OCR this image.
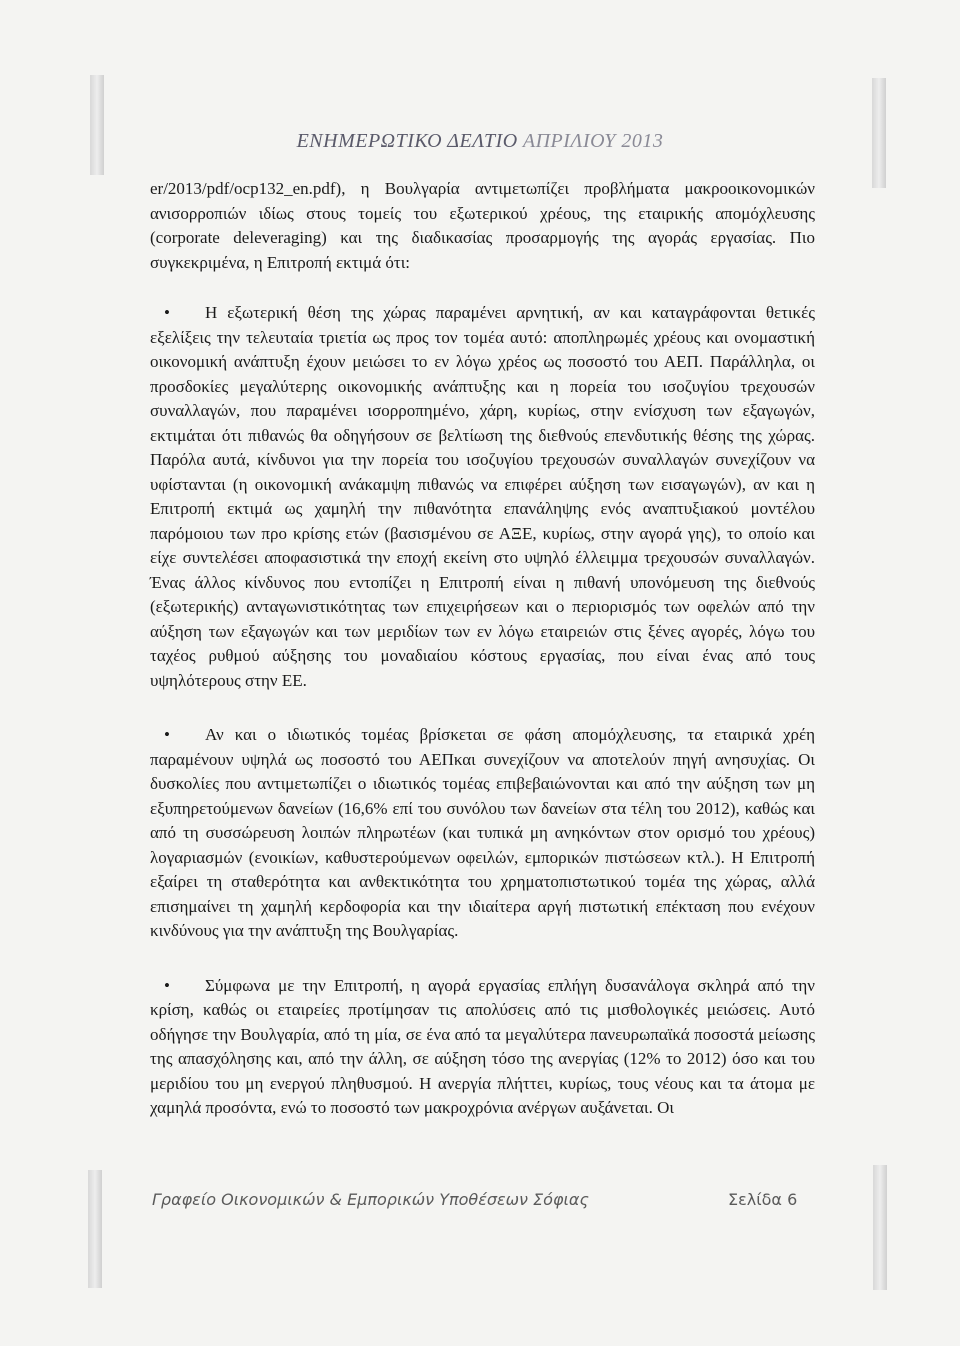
ΕΝΗΜΕΡΩΤΙΚΟ ΔΕΛΤΙΟ ΑΠΡΙΛΙΟΥ 2013

er/2013/pdf/ocp132_en.pdf), η Βουλγαρία αντιμετωπίζει προβλήματα μακροοικονομικών ανισορροπιών ιδίως στους τομείς του εξωτερικού χρέους, της εταιρικής απομόχλευσης (corporate deleveraging) και της διαδικασίας προσαρμογής της αγοράς εργασίας. Πιο συγκεκριμένα, η Επιτροπή εκτιμά ότι:

• Η εξωτερική θέση της χώρας παραμένει αρνητική, αν και καταγράφονται θετικές εξελίξεις την τελευταία τριετία ως προς τον τομέα αυτό: αποπληρωμές χρέους και ονομαστική οικονομική ανάπτυξη έχουν μειώσει το εν λόγω χρέος ως ποσοστό του ΑΕΠ. Παράλληλα, οι προσδοκίες μεγαλύτερης οικονομικής ανάπτυξης και η πορεία του ισοζυγίου τρεχουσών συναλλαγών, που παραμένει ισορροπημένο, χάρη, κυρίως, στην ενίσχυση των εξαγωγών, εκτιμάται ότι πιθανώς θα οδηγήσουν σε βελτίωση της διεθνούς επενδυτικής θέσης της χώρας. Παρόλα αυτά, κίνδυνοι για την πορεία του ισοζυγίου τρεχουσών συναλλαγών συνεχίζουν να υφίστανται (η οικονομική ανάκαμψη πιθανώς να επιφέρει αύξηση των εισαγωγών), αν και η Επιτροπή εκτιμά ως χαμηλή την πιθανότητα επανάληψης ενός αναπτυξιακού μοντέλου παρόμοιου των προ κρίσης ετών (βασισμένου σε ΑΞΕ, κυρίως, στην αγορά γης), το οποίο και είχε συντελέσει αποφασιστικά την εποχή εκείνη στο υψηλό έλλειμμα τρεχουσών συναλλαγών. Ένας άλλος κίνδυνος που εντοπίζει η Επιτροπή είναι η πιθανή υπονόμευση της διεθνούς (εξωτερικής) ανταγωνιστικότητας των επιχειρήσεων και ο περιορισμός των οφελών από την αύξηση των εξαγωγών και των μεριδίων των εν λόγω εταιρειών στις ξένες αγορές, λόγω του ταχέος ρυθμού αύξησης του μοναδιαίου κόστους εργασίας, που είναι ένας από τους υψηλότερους στην ΕΕ.

• Αν και ο ιδιωτικός τομέας βρίσκεται σε φάση απομόχλευσης, τα εταιρικά χρέη παραμένουν υψηλά ως ποσοστό του ΑΕΠκαι συνεχίζουν να αποτελούν πηγή ανησυχίας. Οι δυσκολίες που αντιμετωπίζει ο ιδιωτικός τομέας επιβεβαιώνονται και από την αύξηση των μη εξυπηρετούμενων δανείων (16,6% επί του συνόλου των δανείων στα τέλη του 2012), καθώς και από τη συσσώρευση λοιπών πληρωτέων (και τυπικά μη ανηκόντων στον ορισμό του χρέους) λογαριασμών (ενοικίων, καθυστερούμενων οφειλών, εμπορικών πιστώσεων κτλ.). Η Επιτροπή εξαίρει τη σταθερότητα και ανθεκτικότητα του χρηματοπιστωτικού τομέα της χώρας, αλλά επισημαίνει τη χαμηλή κερδοφορία και την ιδιαίτερα αργή πιστωτική επέκταση που ενέχουν κινδύνους για την ανάπτυξη της Βουλγαρίας.

• Σύμφωνα με την Επιτροπή, η αγορά εργασίας επλήγη δυσανάλογα σκληρά από την κρίση, καθώς οι εταιρείες προτίμησαν τις απολύσεις από τις μισθολογικές μειώσεις. Αυτό οδήγησε την Βουλγαρία, από τη μία, σε ένα από τα μεγαλύτερα πανευρωπαϊκά ποσοστά μείωσης της απασχόλησης και, από την άλλη, σε αύξηση τόσο της ανεργίας (12% το 2012) όσο και του μεριδίου του μη ενεργού πληθυσμού. Η ανεργία πλήττει, κυρίως, τους νέους και τα άτομα με χαμηλά προσόντα, ενώ το ποσοστό των μακροχρόνια ανέργων αυξάνεται. Οι

Γραφείο Οικονομικών & Εμπορικών Υποθέσεων Σόφιας	Σελίδα 6
